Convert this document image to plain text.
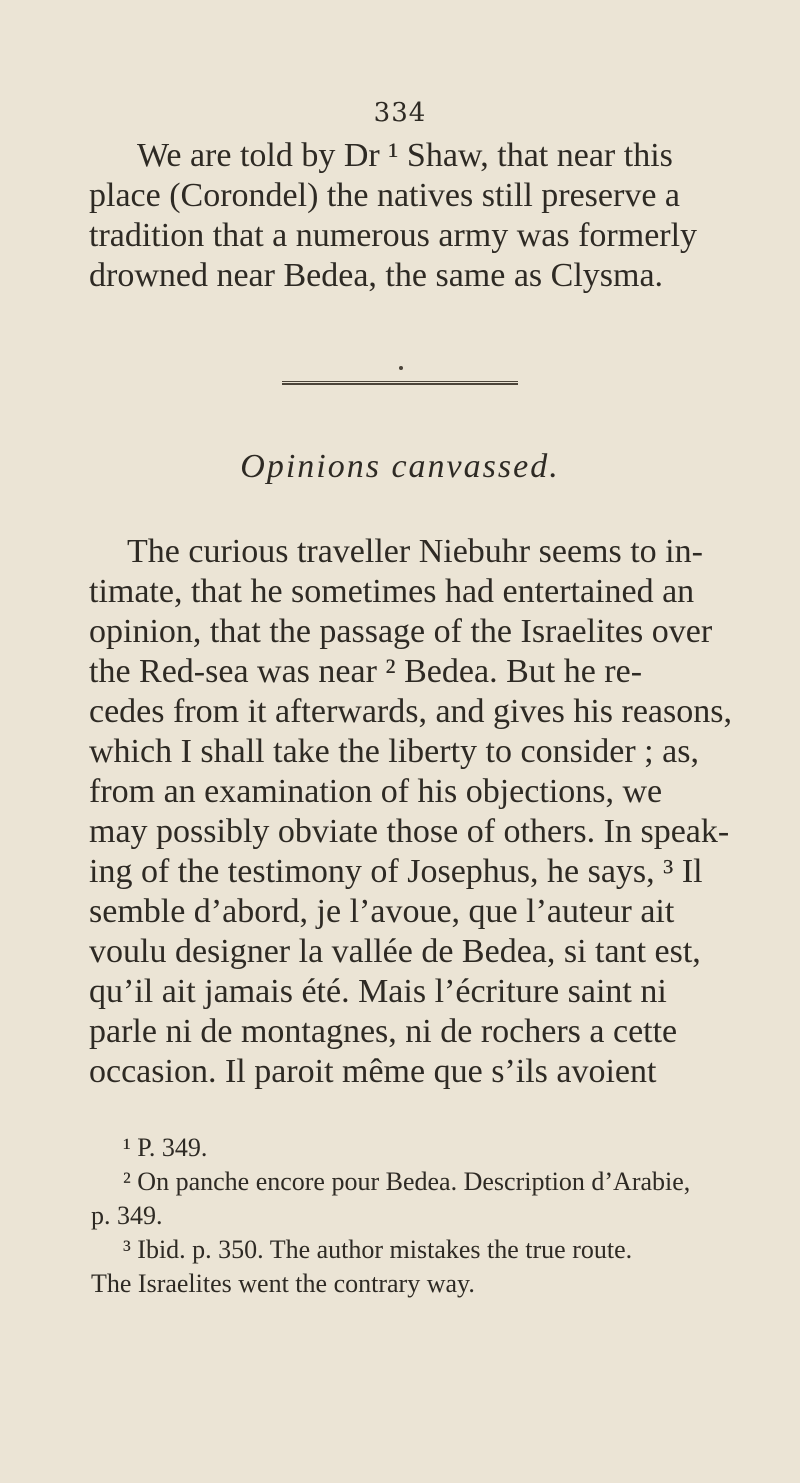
334
We are told by Dr ¹ Shaw, that near this
place (Corondel) the natives still preserve a
tradition that a numerous army was formerly
drowned near Bedea, the same as Clysma.
Opinions canvassed.
The curious traveller Niebuhr seems to in-
timate, that he sometimes had entertained an
opinion, that the passage of the Israelites over
the Red-sea was near ² Bedea. But he re-
cedes from it afterwards, and gives his reasons,
which I shall take the liberty to consider ; as,
from an examination of his objections, we
may possibly obviate those of others. In speak-
ing of the testimony of Josephus, he says, ³ Il
semble d’abord, je l’avoue, que l’auteur ait
voulu designer la vallée de Bedea, si tant est,
qu’il ait jamais été. Mais l’écriture saint ni
parle ni de montagnes, ni de rochers a cette
occasion. Il paroit même que s’ils avoient
¹ P. 349.
² On panche encore pour Bedea. Description d’Arabie,
p. 349.
³ Ibid. p. 350. The author mistakes the true route.
The Israelites went the contrary way.
